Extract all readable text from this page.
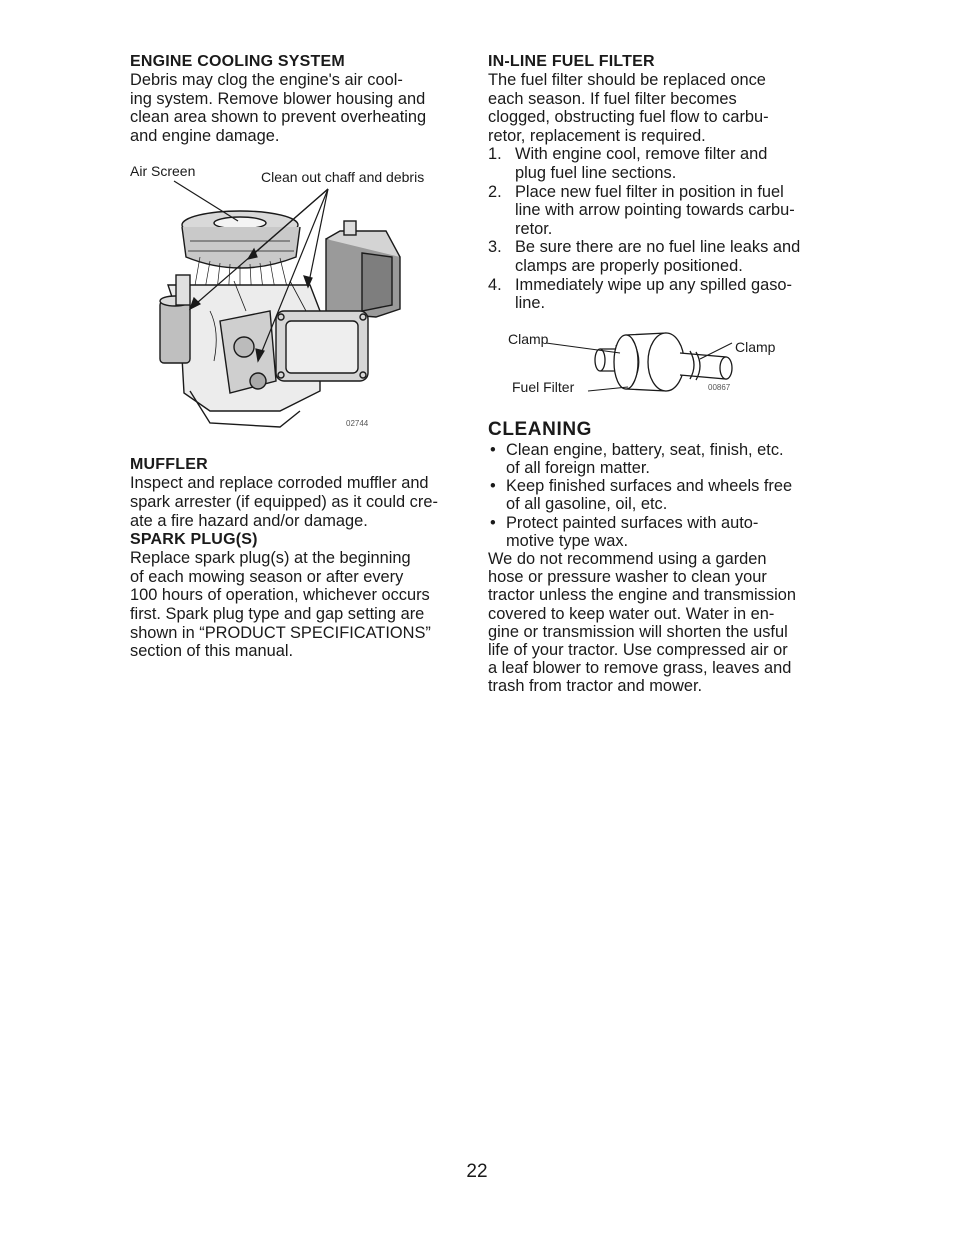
ENGINE COOLING SYSTEM

Debris may clog the engine's air cool-
ing system. Remove blower housing and
clean area shown to prevent overheating
and engine damage.

Air Screen	Clean out chaff and debris
02744
MUFFLER

Inspect and replace corroded muffler and
spark arrester (if equipped) as it could cre-
ate a fire hazard and/or damage.

SPARK PLUG(S)

Replace spark plug(s) at the beginning
of each mowing season or after every
100 hours of operation, whichever occurs
first. Spark plug type and gap setting are
shown in “PRODUCT SPECIFICATIONS”
section of this manual.

IN-LINE FUEL FILTER

The fuel filter should be replaced once
each season. If fuel filter becomes
clogged, obstructing fuel flow to carbu-
retor, replacement is required.

1. With engine cool, remove filter and
plug fuel line sections.
2. Place new fuel filter in position in fuel
line with arrow pointing towards carbu-
retor.
3. Be sure there are no fuel line leaks and
clamps are properly positioned.
4. Immediately wipe up any spilled gaso-
line.
Clamp	Clamp
Fuel Filter	00867
CLEANING
• Clean engine, battery, seat, finish, etc.
of all foreign matter.
• Keep finished surfaces and wheels free
of all gasoline, oil, etc.
• Protect painted surfaces with auto-
motive type wax.

We do not recommend using a garden
hose or pressure washer to clean your
tractor unless the engine and transmission
covered to keep water out. Water in en-
gine or transmission will shorten the usful
life of your tractor. Use compressed air or
a leaf blower to remove grass, leaves and
trash from tractor and mower.

22
